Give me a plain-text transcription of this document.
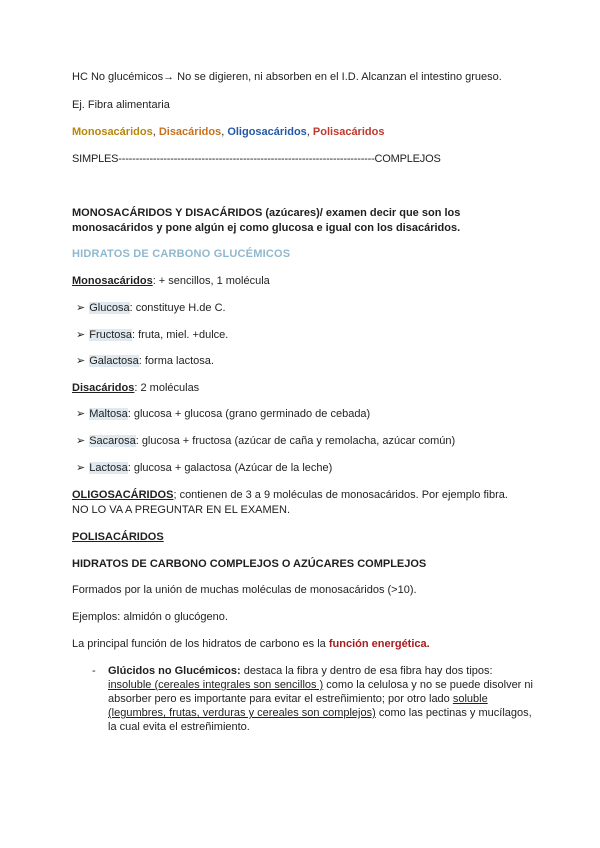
HC No glucémicos→ No se digieren, ni absorben en el I.D. Alcanzan el intestino grueso.
Ej. Fibra alimentaria
Monosacáridos, Disacáridos, Oligosacáridos, Polisacáridos
SIMPLES--------------------------------------------------------------------------COMPLEJOS
MONOSACÁRIDOS Y DISACÁRIDOS (azúcares)/ examen decir que son los
monosacáridos y pone algún ej como glucosa e igual con los disacáridos.
HIDRATOS DE CARBONO GLUCÉMICOS
Monosacáridos: + sencillos, 1 molécula
➢ Glucosa: constituye H.de C.
➢ Fructosa: fruta, miel. +dulce.
➢ Galactosa: forma lactosa.
Disacáridos: 2 moléculas
➢ Maltosa: glucosa + glucosa (grano germinado de cebada)
➢ Sacarosa: glucosa + fructosa (azúcar de caña y remolacha, azúcar común)
➢ Lactosa: glucosa + galactosa (Azúcar de la leche)
OLIGOSACÁRIDOS; contienen de 3 a 9 moléculas de monosacáridos. Por ejemplo fibra.
NO LO VA A PREGUNTAR EN EL EXAMEN.
POLISACÁRIDOS
HIDRATOS DE CARBONO COMPLEJOS O AZÚCARES COMPLEJOS
Formados por la unión de muchas moléculas de monosacáridos (>10).
Ejemplos: almidón o glucógeno.
La principal función de los hidratos de carbono es la función energética.
- Glúcidos no Glucémicos: destaca la fibra y dentro de esa fibra hay dos tipos: insoluble (cereales integrales son sencillos ) como la celulosa y no se puede disolver ni absorber pero es importante para evitar el estreñimiento; por otro lado soluble (legumbres, frutas, verduras y cereales son complejos) como las pectinas y mucílagos, la cual evita el estreñimiento.
